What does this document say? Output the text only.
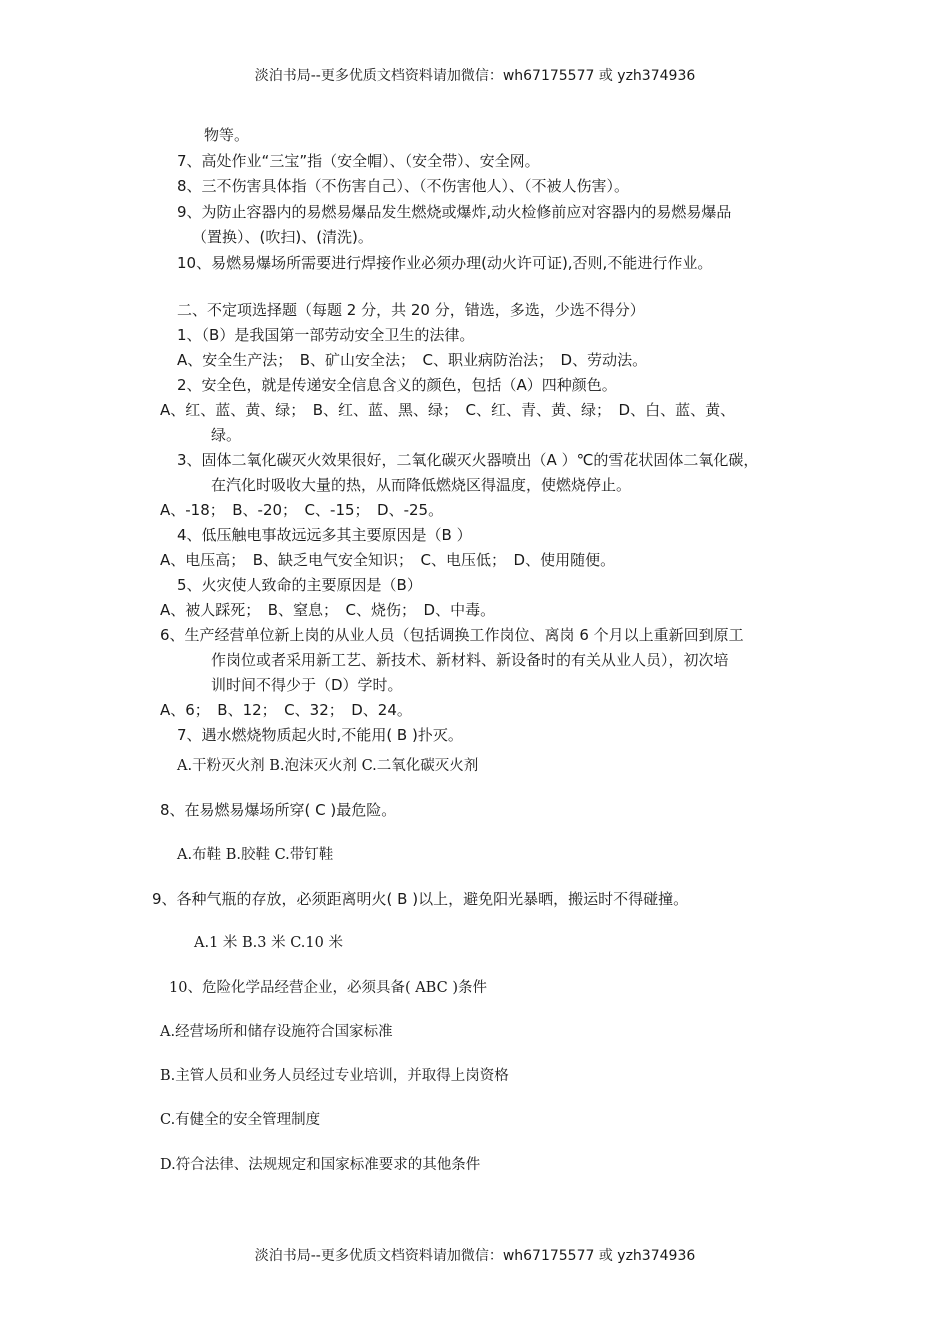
淡泊书局--更多优质文档资料请加微信：wh67175577 或 yzh374936
物等。
7、高处作业“三宝”指（安全帽）、（安全带）、安全网。
8、三不伤害具体指（不伤害自己）、（不伤害他人）、（不被人伤害）。
9、为防止容器内的易燃易爆品发生燃烧或爆炸,动火检修前应对容器内的易燃易爆品
（置换）、(吹扫)、(清洗)。
10、易燃易爆场所需要进行焊接作业必须办理(动火许可证),否则,不能进行作业。
二、不定项选择题（每题 2 分，共 20 分，错选，多选，少选不得分）
1、（B）是我国第一部劳动安全卫生的法律。
A、安全生产法；　B、矿山安全法；　C、职业病防治法；　D、劳动法。
2、安全色，就是传递安全信息含义的颜色，包括（A）四种颜色。
A、红、蓝、黄、绿；　B、红、蓝、黑、绿；　C、红、青、黄、绿；　D、白、蓝、黄、
绿。
3、固体二氧化碳灭火效果很好，二氧化碳灭火器喷出（A ）℃的雪花状固体二氧化碳，
在汽化时吸收大量的热，从而降低燃烧区得温度，使燃烧停止。
A、-18；　B、-20；　C、-15；　D、-25。
4、低压触电事故远远多其主要原因是（B ）
A、电压高；　B、缺乏电气安全知识；　C、电压低；　D、使用随便。
5、火灾使人致命的主要原因是（B）
A、被人踩死；　B、窒息；　C、烧伤；　D、中毒。
6、生产经营单位新上岗的从业人员（包括调换工作岗位、离岗 6 个月以上重新回到原工
作岗位或者采用新工艺、新技术、新材料、新设备时的有关从业人员），初次培
训时间不得少于（D）学时。
A、6；　B、12；　C、32；　D、24。
7、遇水燃烧物质起火时,不能用( B )扑灭。
A.干粉灭火剂 B.泡沫灭火剂 C.二氧化碳灭火剂
8、在易燃易爆场所穿( C )最危险。
A.布鞋 B.胶鞋 C.带钉鞋
9、各种气瓶的存放，必须距离明火( B )以上，避免阳光暴晒，搬运时不得碰撞。
A.1 米 B.3 米 C.10 米
10、危险化学品经营企业，必须具备( ABC )条件
A.经营场所和储存设施符合国家标准
B.主管人员和业务人员经过专业培训，并取得上岗资格
C.有健全的安全管理制度
D.符合法律、法规规定和国家标准要求的其他条件
淡泊书局--更多优质文档资料请加微信：wh67175577 或 yzh374936
